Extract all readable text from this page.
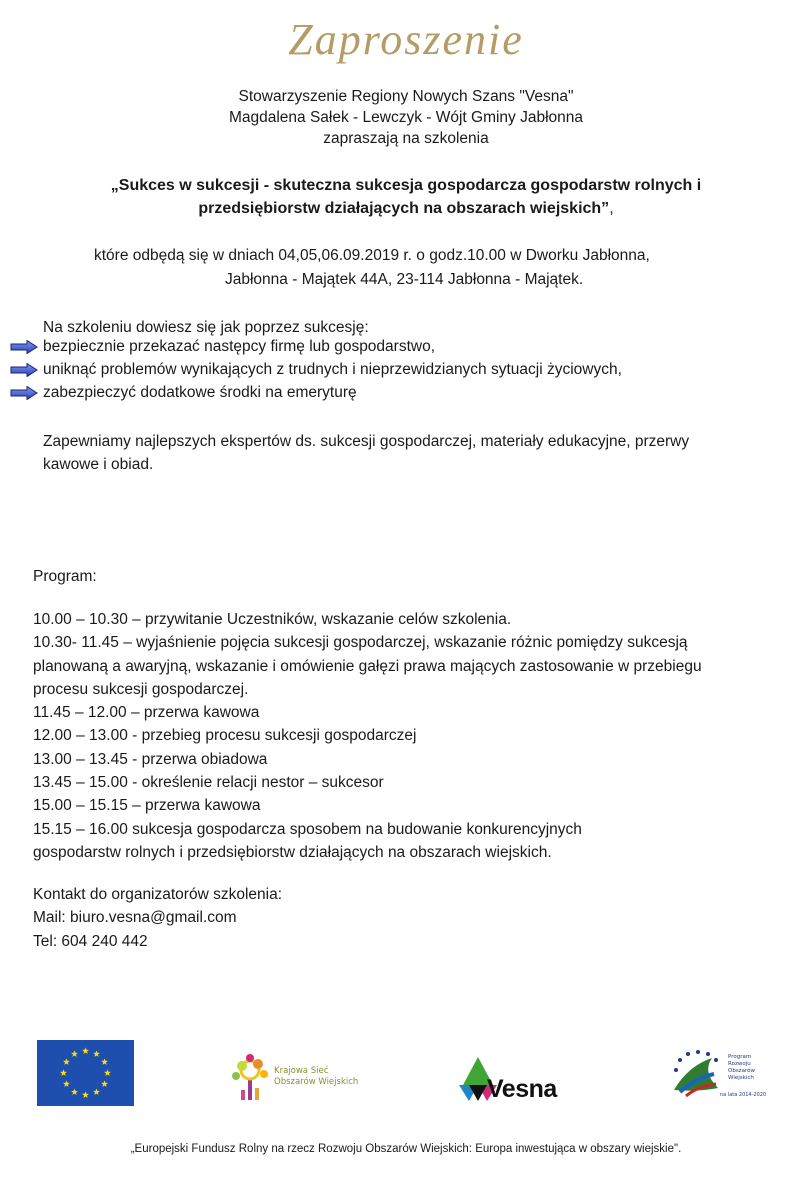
Zaproszenie
Stowarzyszenie Regiony Nowych Szans "Vesna"
Magdalena Sałek - Lewczyk - Wójt Gminy Jabłonna
zapraszają na szkolenia
„Sukces w sukcesji - skuteczna sukcesja gospodarcza gospodarstw rolnych i
przedsiębiorstw działających na obszarach wiejskich”,
które odbędą się w dniach 04,05,06.09.2019 r. o godz.10.00 w Dworku Jabłonna,
Jabłonna - Majątek 44A, 23-114 Jabłonna - Majątek.
Na szkoleniu dowiesz się jak poprzez sukcesję:
bezpiecznie przekazać następcy firmę lub gospodarstwo,
uniknąć problemów wynikających z trudnych i nieprzewidzianych sytuacji życiowych,
zabezpieczyć dodatkowe środki na emeryturę
Zapewniamy najlepszych ekspertów ds. sukcesji gospodarczej, materiały edukacyjne, przerwy
kawowe i obiad.
Program:
10.00 – 10.30 – przywitanie Uczestników, wskazanie celów szkolenia.
10.30- 11.45 – wyjaśnienie pojęcia sukcesji gospodarczej, wskazanie różnic pomiędzy sukcesją
planowaną a awaryjną, wskazanie i omówienie gałęzi prawa mających zastosowanie w przebiegu
procesu sukcesji gospodarczej.
11.45 – 12.00 – przerwa kawowa
12.00 – 13.00 - przebieg procesu sukcesji gospodarczej
13.00 – 13.45 - przerwa obiadowa
13.45 – 15.00 - określenie relacji nestor – sukcesor
15.00 – 15.15 – przerwa kawowa
15.15 – 16.00 sukcesja gospodarcza sposobem na budowanie konkurencyjnych
gospodarstw rolnych i przedsiębiorstw działających na obszarach wiejskich.
Kontakt do organizatorów szkolenia:
Mail: biuro.vesna@gmail.com
Tel: 604 240 442
Krajowa Sieć
Obszarów Wiejskich	Vesna
Program
Rozwoju
Obszarów
Wiejskich
na lata 2014-2020
„Europejski Fundusz Rolny na rzecz Rozwoju Obszarów Wiejskich: Europa inwestująca w obszary wiejskie".
